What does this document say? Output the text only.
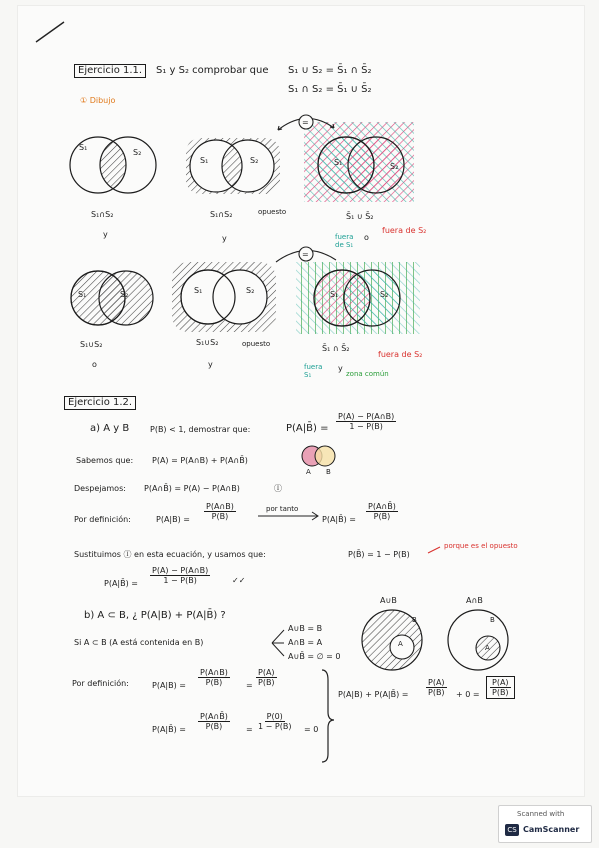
Ejercicio 1.1.	S₁ y S₂ comprobar que S₁ ∪ S₂ = S̄₁ ∩ S̄₂
S₁ ∩ S₂ = S̄₁ ∪ S̄₂
① Dibujo
S₁
S₂
S₁∩S₂
y
S₁	S₂
S₁∩S₂	opuesto
y
S₁	S₂
S̄₁ ∪ S̄₂
fuera de S₁
o
fuera de S₂
=
S₁	S₂
S₁∪S₂
o
S₁	S₂
S₁∪S₂	opuesto
y
S₁	S₂
S̄₁ ∩ S̄₂
fuera S₁
y
fuera de S₂
zona común
=
Ejercicio 1.2.
a) A y B	P(B) < 1, demostrar que:	P(A|B̄) = $\frac{P(A) - P(A\cap B)}{1 - P(B)}$
Sabemos que: P(A) = P(A∩B) + P(A∩B̄)
A B
Despejamos: P(A∩B̄) = P(A) − P(A∩B)	Ⓘ
Por definición:	$P(A|B) = \frac{P(A\cap B)}{P(B)}$	por tanto
P(A|B̄) = $\frac{P(A\cap B̄)}{P(B̄)}$
Sustituimos Ⓘ en esta ecuación, y usamos que:	P(B̄) = 1 − P(B)
porque es el opuesto
P(A|B̄) = $\frac{P(A) - P(A\cap B)}{1 - P(B)}$	✓✓
b) A ⊂ B, ¿ P(A|B) + P(A|B̄) ?
Si A ⊂ B (A está contenida en B)
A∪B = B
A∩B = A
A∪B̄ = ∅ = 0
A∪B	A∩B
A
B
A
B
Por definición:	$P(A|B) = \frac{P(A\cap B)}{P(B)} = \frac{P(A)}{P(B)}$
P(A|B̄) = $\frac{P(A\cap B̄)}{P(B̄)} = \frac{P(0)}{1 - P(B)} = 0$
P(A|B) + P(A|B̄) = $\frac{P(A)}{P(B)} + 0 = \frac{P(A)}{P(B)}$
Scanned with
CS CamScanner
